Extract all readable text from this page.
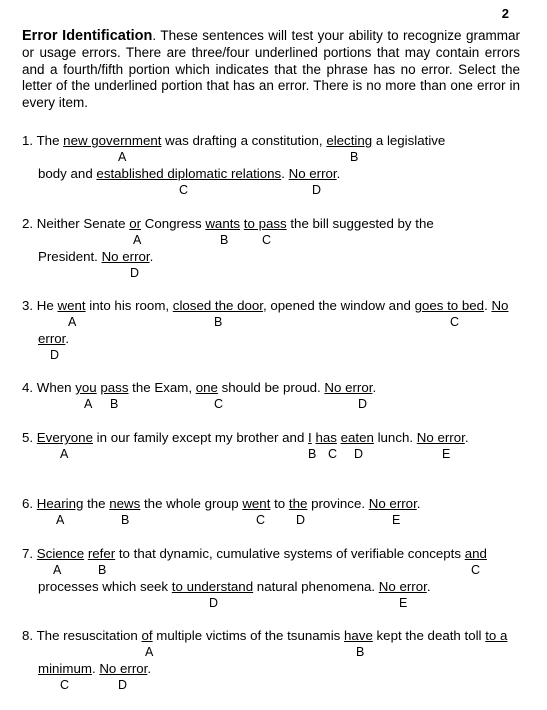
2
Error Identification. These sentences will test your ability to recognize grammar or usage errors. There are three/four underlined portions that may contain errors and a fourth/fifth portion which indicates that the phrase has no error. Select the letter of the underlined portion that has an error. There is no more than one error in every item.
1. The new government was drafting a constitution, electing a legislative
A	B
body and established diplomatic relations. No error.
C	D
2. Neither Senate or Congress wants to pass the bill suggested by the
A	B	C
President. No error.
D
3. He went into his room, closed the door, opened the window and goes to bed. No
A	B	C
error.
D
4. When you pass the Exam, one should be proud. No error.
A B	C	D
5. Everyone in our family except my brother and I has eaten lunch. No error.
A	B C D	E
6. Hearing the news the whole group went to the province. No error.
A	B	C D	E
7. Science refer to that dynamic, cumulative systems of verifiable concepts and
A	B	C
processes which seek to understand natural phenomena. No error.
D	E
8. The resuscitation of multiple victims of the tsunamis have kept the death toll to a
A	B
minimum. No error.
C	D
